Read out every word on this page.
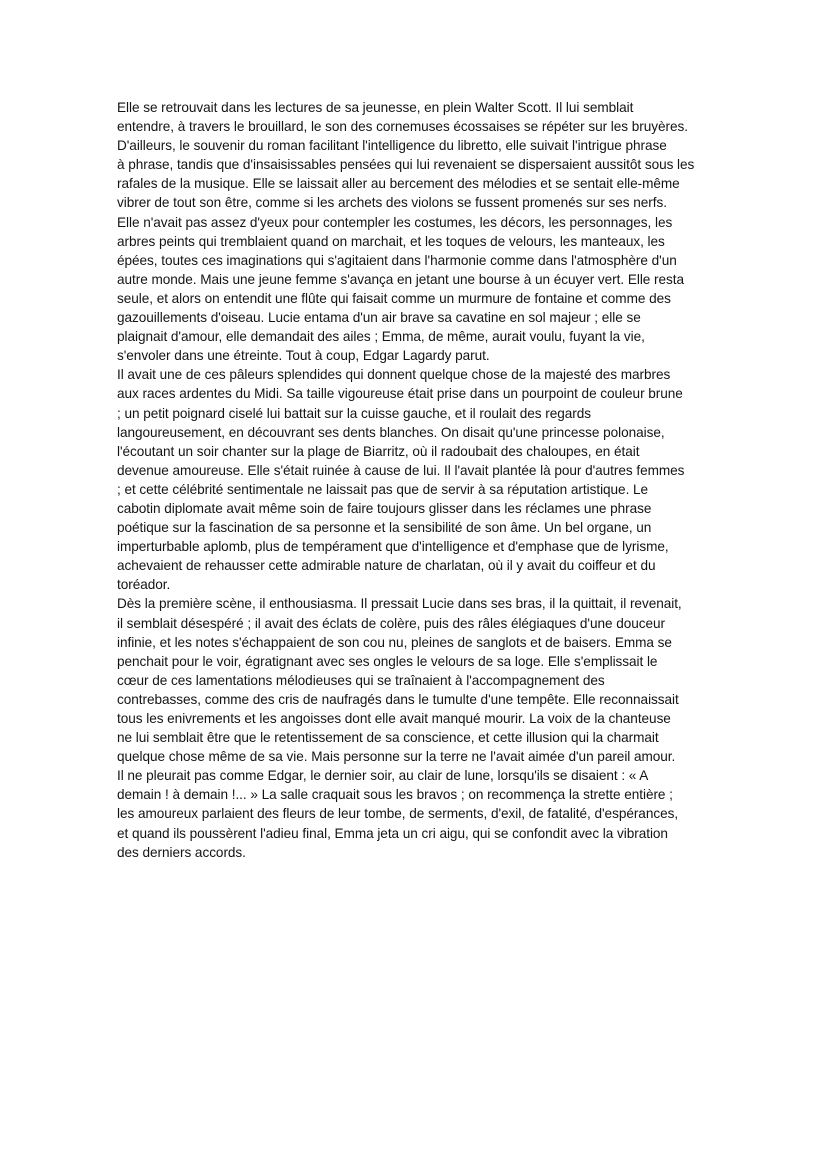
Elle se retrouvait dans les lectures de sa jeunesse, en plein Walter Scott. Il lui semblait
entendre, à travers le brouillard, le son des cornemuses écossaises se répéter sur les bruyères.
D'ailleurs, le souvenir du roman facilitant l'intelligence du libretto, elle suivait l'intrigue phrase
à phrase, tandis que d'insaisissables pensées qui lui revenaient se dispersaient aussitôt sous les
rafales de la musique. Elle se laissait aller au bercement des mélodies et se sentait elle-même
vibrer de tout son être, comme si les archets des violons se fussent promenés sur ses nerfs.
Elle n'avait pas assez d'yeux pour contempler les costumes, les décors, les personnages, les
arbres peints qui tremblaient quand on marchait, et les toques de velours, les manteaux, les
épées, toutes ces imaginations qui s'agitaient dans l'harmonie comme dans l'atmosphère d'un
autre monde. Mais une jeune femme s'avança en jetant une bourse à un écuyer vert. Elle resta
seule, et alors on entendit une flûte qui faisait comme un murmure de fontaine et comme des
gazouillements d'oiseau. Lucie entama d'un air brave sa cavatine en sol majeur ; elle se
plaignait d'amour, elle demandait des ailes ; Emma, de même, aurait voulu, fuyant la vie,
s'envoler dans une étreinte. Tout à coup, Edgar Lagardy parut.
Il avait une de ces pâleurs splendides qui donnent quelque chose de la majesté des marbres
aux races ardentes du Midi. Sa taille vigoureuse était prise dans un pourpoint de couleur brune
; un petit poignard ciselé lui battait sur la cuisse gauche, et il roulait des regards
langoureusement, en découvrant ses dents blanches. On disait qu'une princesse polonaise,
l'écoutant un soir chanter sur la plage de Biarritz, où il radoubait des chaloupes, en était
devenue amoureuse. Elle s'était ruinée à cause de lui. Il l'avait plantée là pour d'autres femmes
; et cette célébrité sentimentale ne laissait pas que de servir à sa réputation artistique. Le
cabotin diplomate avait même soin de faire toujours glisser dans les réclames une phrase
poétique sur la fascination de sa personne et la sensibilité de son âme. Un bel organe, un
imperturbable aplomb, plus de tempérament que d'intelligence et d'emphase que de lyrisme,
achevaient de rehausser cette admirable nature de charlatan, où il y avait du coiffeur et du
toréador.
Dès la première scène, il enthousiasma. Il pressait Lucie dans ses bras, il la quittait, il revenait,
il semblait désespéré ; il avait des éclats de colère, puis des râles élégiaques d'une douceur
infinie, et les notes s'échappaient de son cou nu, pleines de sanglots et de baisers. Emma se
penchait pour le voir, égratignant avec ses ongles le velours de sa loge. Elle s'emplissait le
cœur de ces lamentations mélodieuses qui se traînaient à l'accompagnement des
contrebasses, comme des cris de naufragés dans le tumulte d'une tempête. Elle reconnaissait
tous les enivrements et les angoisses dont elle avait manqué mourir. La voix de la chanteuse
ne lui semblait être que le retentissement de sa conscience, et cette illusion qui la charmait
quelque chose même de sa vie. Mais personne sur la terre ne l'avait aimée d'un pareil amour.
Il ne pleurait pas comme Edgar, le dernier soir, au clair de lune, lorsqu'ils se disaient : « A
demain ! à demain !... » La salle craquait sous les bravos ; on recommença la strette entière ;
les amoureux parlaient des fleurs de leur tombe, de serments, d'exil, de fatalité, d'espérances,
et quand ils poussèrent l'adieu final, Emma jeta un cri aigu, qui se confondit avec la vibration
des derniers accords.
